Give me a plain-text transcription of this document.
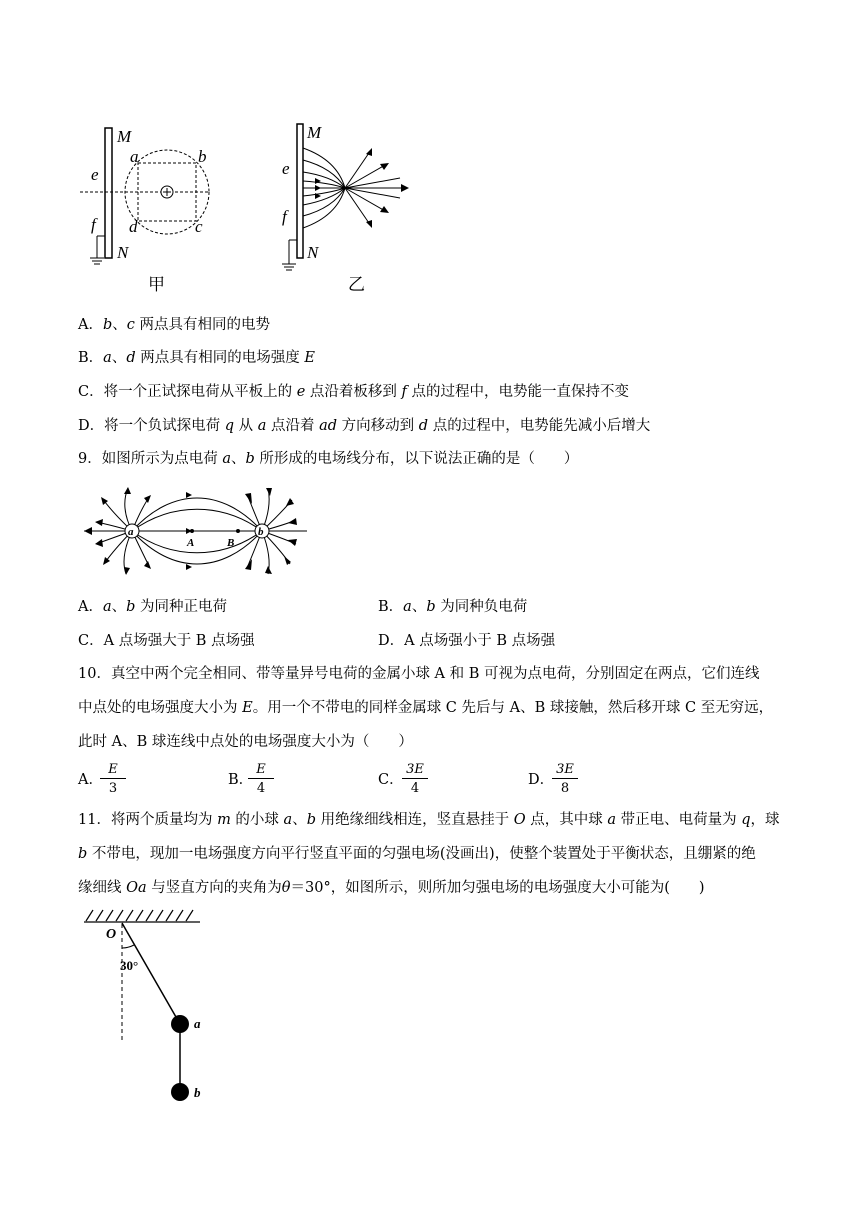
M
N
e
f
a	b
c
d
甲
M
N
e
f
乙
A．b、c 两点具有相同的电势
B．a、d 两点具有相同的电场强度 E
C．将一个正试探电荷从平板上的 e 点沿着板移到 f 点的过程中，电势能一直保持不变
D．将一个负试探电荷 q 从 a 点沿着 ad 方向移动到 d 点的过程中，电势能先减小后增大
9．如图所示为点电荷 a、b 所形成的电场线分布，以下说法正确的是（　　）
a	b
A	B
A．a、b 为同种正电荷	B．a、b 为同种负电荷
C．A 点场强大于 B 点场强	D．A 点场强小于 B 点场强
10．真空中两个完全相同、带等量异号电荷的金属小球 A 和 B 可视为点电荷，分别固定在两点，它们连线
中点处的电场强度大小为 E。用一个不带电的同样金属球 C 先后与 A、B 球接触，然后移开球 C 至无穷远，
此时 A、B 球连线中点处的电场强度大小为（　　）
A．
$\frac{E}{3}$	B．
$\frac{E}{4}$	C．
$\frac{3E}{4}$	D．
$\frac{3E}{8}$
11．将两个质量均为 m 的小球 a、b 用绝缘细线相连，竖直悬挂于 O 点，其中球 a 带正电、电荷量为 q，球
b 不带电，现加一电场强度方向平行竖直平面的匀强电场(没画出)，使整个装置处于平衡状态，且绷紧的绝
缘细线 Oa 与竖直方向的夹角为θ＝30°，如图所示，则所加匀强电场的电场强度大小可能为(　　)
O
30°
a
b
